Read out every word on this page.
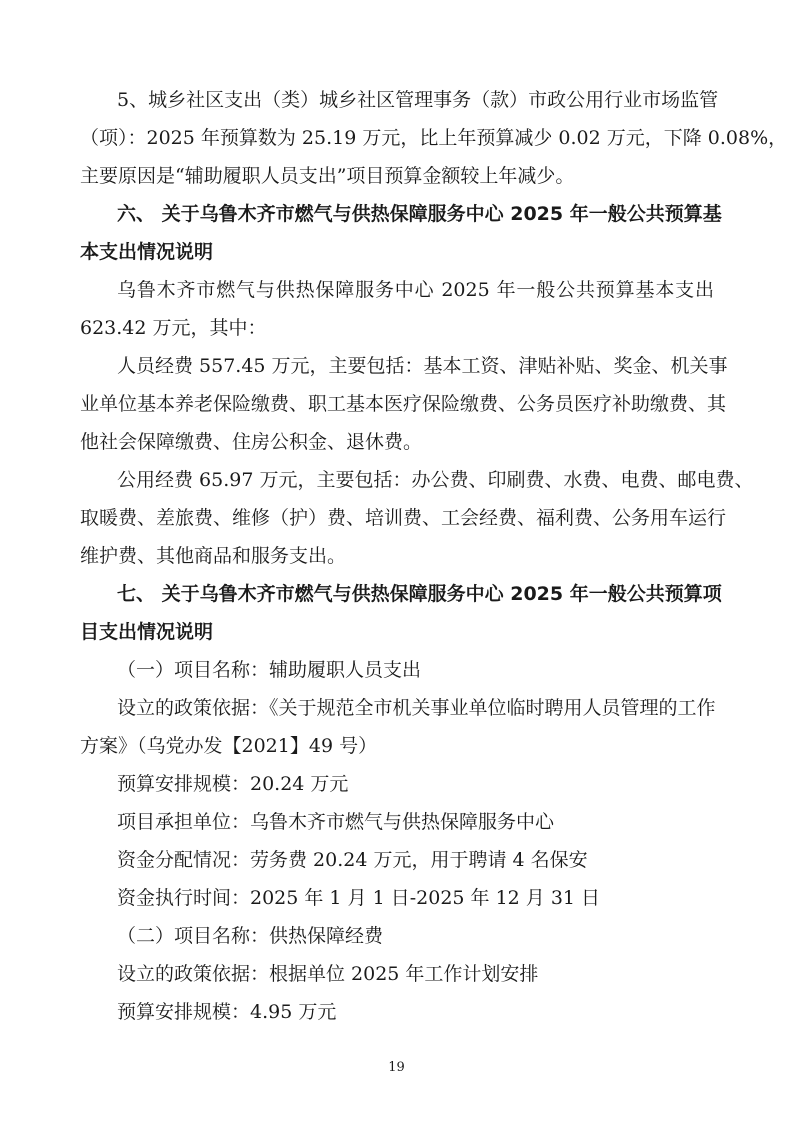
5、城乡社区支出（类）城乡社区管理事务（款）市政公用行业市场监管
（项）：2025 年预算数为 25.19 万元，比上年预算减少 0.02 万元，下降 0.08%，
主要原因是“辅助履职人员支出”项目预算金额较上年减少。
六、 关于乌鲁木齐市燃气与供热保障服务中心 2025 年一般公共预算基
本支出情况说明
乌鲁木齐市燃气与供热保障服务中心 2025 年一般公共预算基本支出
623.42 万元，其中：
人员经费 557.45 万元，主要包括：基本工资、津贴补贴、奖金、机关事
业单位基本养老保险缴费、职工基本医疗保险缴费、公务员医疗补助缴费、其
他社会保障缴费、住房公积金、退休费。
公用经费 65.97 万元，主要包括：办公费、印刷费、水费、电费、邮电费、
取暖费、差旅费、维修（护）费、培训费、工会经费、福利费、公务用车运行
维护费、其他商品和服务支出。
七、 关于乌鲁木齐市燃气与供热保障服务中心 2025 年一般公共预算项
目支出情况说明
（一）项目名称：辅助履职人员支出
设立的政策依据：《关于规范全市机关事业单位临时聘用人员管理的工作
方案》（乌党办发【2021】49 号）
预算安排规模：20.24 万元
项目承担单位：乌鲁木齐市燃气与供热保障服务中心
资金分配情况：劳务费 20.24 万元，用于聘请 4 名保安
资金执行时间：2025 年 1 月 1 日-2025 年 12 月 31 日
（二）项目名称：供热保障经费
设立的政策依据：根据单位 2025 年工作计划安排
预算安排规模：4.95 万元
19
